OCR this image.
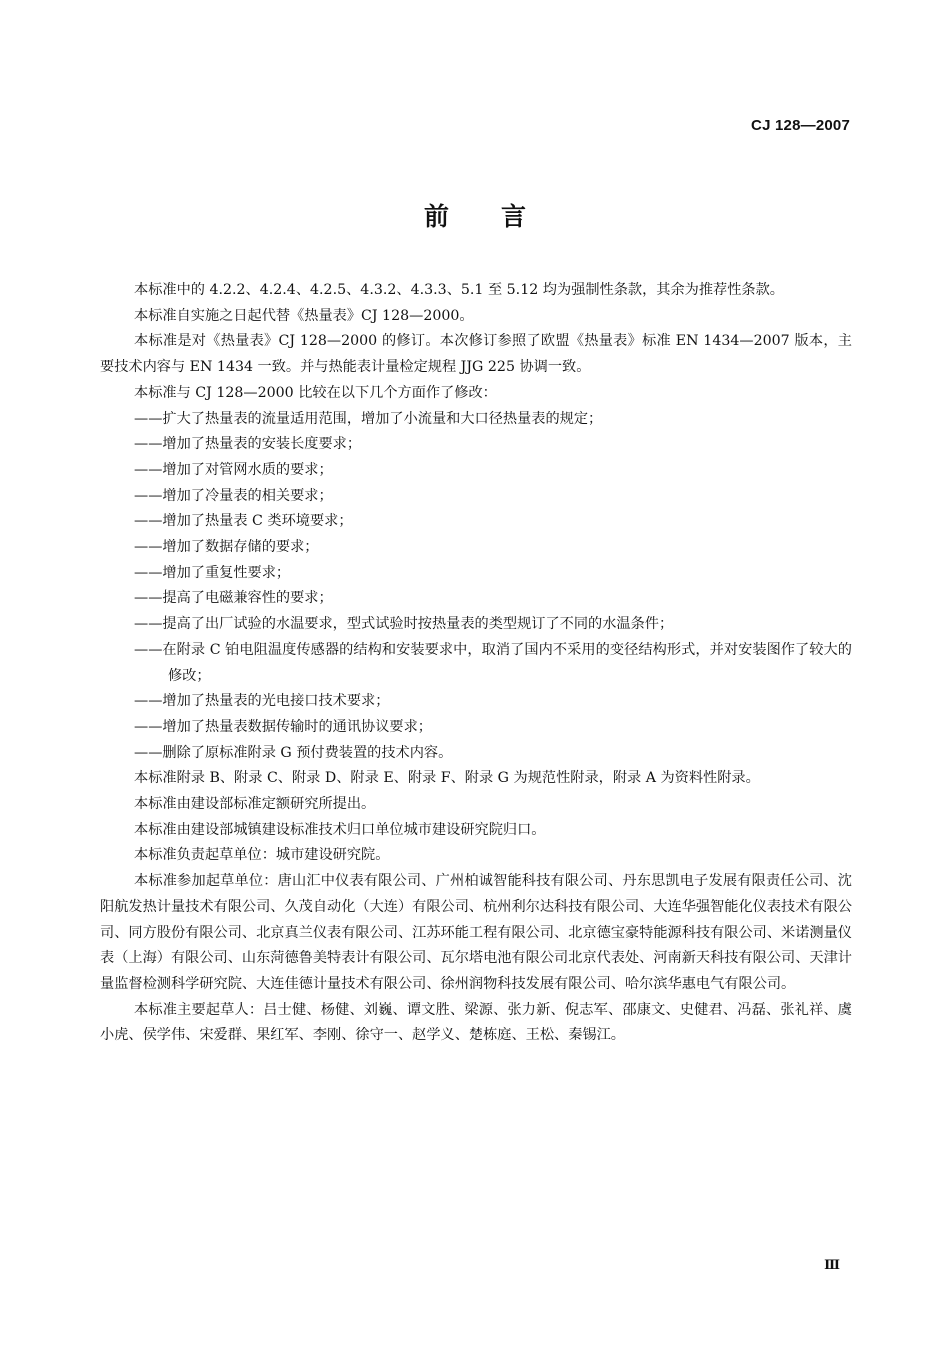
CJ 128—2007
前言

本标准中的 4.2.2、4.2.4、4.2.5、4.3.2、4.3.3、5.1 至 5.12 均为强制性条款，其余为推荐性条款。

本标准自实施之日起代替《热量表》CJ 128—2000。

本标准是对《热量表》CJ 128—2000 的修订。本次修订参照了欧盟《热量表》标准 EN 1434—2007 版本，主要技术内容与 EN 1434 一致。并与热能表计量检定规程 JJG 225 协调一致。

本标准与 CJ 128—2000 比较在以下几个方面作了修改：

——扩大了热量表的流量适用范围，增加了小流量和大口径热量表的规定；

——增加了热量表的安装长度要求；

——增加了对管网水质的要求；

——增加了冷量表的相关要求；

——增加了热量表 C 类环境要求；

——增加了数据存储的要求；

——增加了重复性要求；

——提高了电磁兼容性的要求；

——提高了出厂试验的水温要求，型式试验时按热量表的类型规订了不同的水温条件；

——在附录 C 铂电阻温度传感器的结构和安装要求中，取消了国内不采用的变径结构形式，并对安装图作了较大的修改；

——增加了热量表的光电接口技术要求；

——增加了热量表数据传输时的通讯协议要求；

——删除了原标准附录 G 预付费装置的技术内容。

本标准附录 B、附录 C、附录 D、附录 E、附录 F、附录 G 为规范性附录，附录 A 为资料性附录。

本标准由建设部标准定额研究所提出。

本标准由建设部城镇建设标准技术归口单位城市建设研究院归口。

本标准负责起草单位：城市建设研究院。

本标准参加起草单位：唐山汇中仪表有限公司、广州柏诚智能科技有限公司、丹东思凯电子发展有限责任公司、沈阳航发热计量技术有限公司、久茂自动化（大连）有限公司、杭州利尔达科技有限公司、大连华强智能化仪表技术有限公司、同方股份有限公司、北京真兰仪表有限公司、江苏环能工程有限公司、北京德宝豪特能源科技有限公司、米诺测量仪表（上海）有限公司、山东菏德鲁美特表计有限公司、瓦尔塔电池有限公司北京代表处、河南新天科技有限公司、天津计量监督检测科学研究院、大连佳德计量技术有限公司、徐州润物科技发展有限公司、哈尔滨华惠电气有限公司。

本标准主要起草人：吕士健、杨健、刘巍、谭文胜、梁源、张力新、倪志军、邵康文、史健君、冯磊、张礼祥、虞小虎、侯学伟、宋爱群、果红军、李刚、徐守一、赵学义、楚栋庭、王松、秦锡江。

Ⅲ
